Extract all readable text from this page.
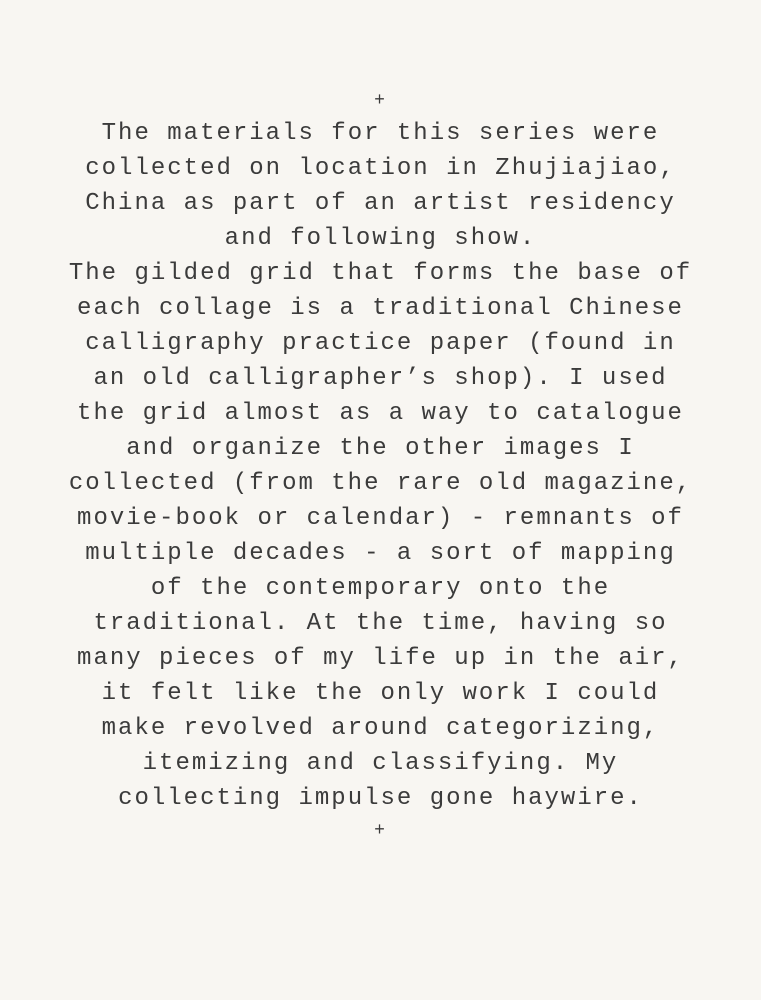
+

The materials for this series were collected on location in Zhujiajiao, China as part of an artist residency and following show.

The gilded grid that forms the base of each collage is a traditional Chinese calligraphy practice paper (found in an old calligrapher’s shop). I used the grid almost as a way to catalogue and organize the other images I collected (from the rare old magazine, movie-book or calendar) - remnants of multiple decades - a sort of mapping of the contemporary onto the traditional. At the time, having so many pieces of my life up in the air, it felt like the only work I could make revolved around categorizing, itemizing and classifying. My collecting impulse gone haywire.

+
